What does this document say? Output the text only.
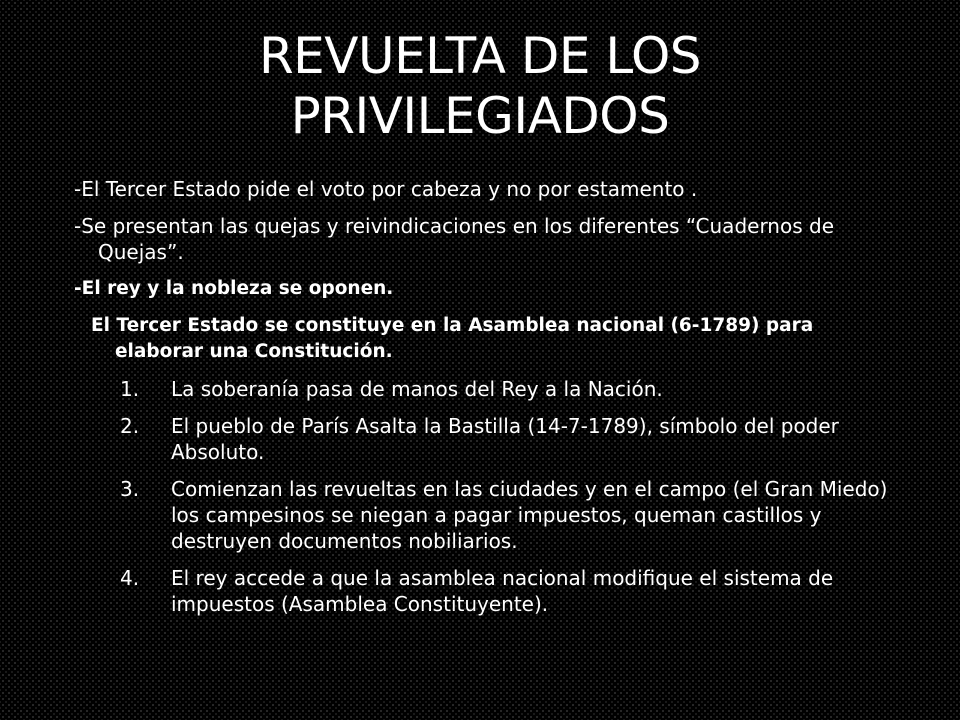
REVUELTA DE LOS
PRIVILEGIADOS

-El Tercer Estado pide el voto por cabeza y no por estamento .

-Se presentan las quejas y reivindicaciones en los diferentes “Cuadernos de Quejas”.

-El rey y la nobleza se oponen.

El Tercer Estado se constituye en la Asamblea nacional (6-1789) para elaborar una Constitución.

1.	La soberanía pasa de manos del Rey a la Nación.
2.	El pueblo de París Asalta la Bastilla (14-7-1789), símbolo del poder Absoluto.
3.	Comienzan las revueltas en las ciudades y en el campo (el Gran Miedo) los campesinos se niegan a pagar impuestos, queman castillos y destruyen documentos nobiliarios.
4.	El rey accede a que la asamblea nacional modifique el sistema de impuestos (Asamblea Constituyente).
